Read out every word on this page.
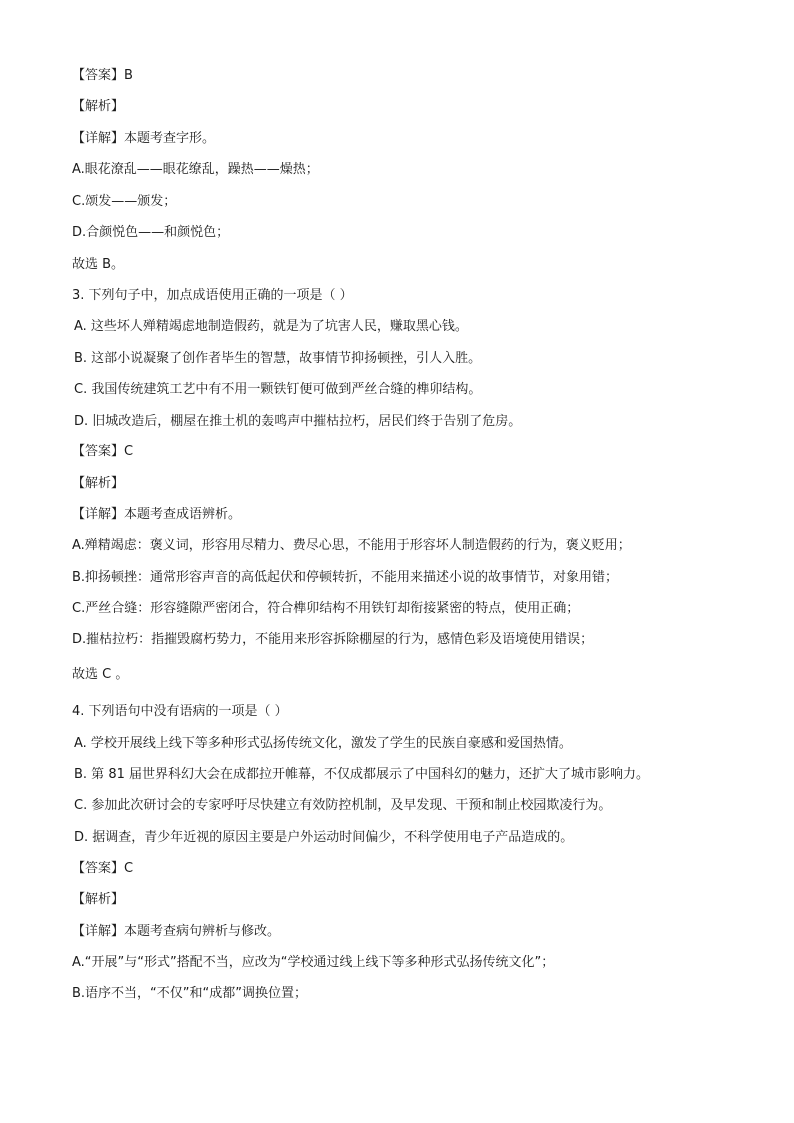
【答案】B
【解析】
【详解】本题考查字形。
A.眼花潦乱——眼花缭乱，躁热——燥热；
C.颂发——颁发；
D.合颜悦色——和颜悦色；
故选 B。
3. 下列句子中，加点成语使用正确的一项是（ ）
A. 这些坏人殚精竭虑地制造假药，就是为了坑害人民，赚取黑心钱。
B. 这部小说凝聚了创作者毕生的智慧，故事情节抑扬顿挫，引人入胜。
C. 我国传统建筑工艺中有不用一颗铁钉便可做到严丝合缝的榫卯结构。
D. 旧城改造后，棚屋在推土机的轰鸣声中摧枯拉朽，居民们终于告别了危房。
【答案】C
【解析】
【详解】本题考查成语辨析。
A.殚精竭虑：褒义词，形容用尽精力、费尽心思，不能用于形容坏人制造假药的行为，褒义贬用；
B.抑扬顿挫：通常形容声音的高低起伏和停顿转折，不能用来描述小说的故事情节，对象用错；
C.严丝合缝：形容缝隙严密闭合，符合榫卯结构不用铁钉却衔接紧密的特点，使用正确；
D.摧枯拉朽：指摧毁腐朽势力，不能用来形容拆除棚屋的行为，感情色彩及语境使用错误；
故选 C 。
4. 下列语句中没有语病的一项是（ ）
A. 学校开展线上线下等多种形式弘扬传统文化，激发了学生的民族自豪感和爱国热情。
B. 第 81 届世界科幻大会在成都拉开帷幕，不仅成都展示了中国科幻的魅力，还扩大了城市影响力。
C. 参加此次研讨会的专家呼吁尽快建立有效防控机制，及早发现、干预和制止校园欺凌行为。
D. 据调查，青少年近视的原因主要是户外运动时间偏少，不科学使用电子产品造成的。
【答案】C
【解析】
【详解】本题考查病句辨析与修改。
A.“开展”与“形式”搭配不当，应改为“学校通过线上线下等多种形式弘扬传统文化”；
B.语序不当，“不仅”和“成都”调换位置；
